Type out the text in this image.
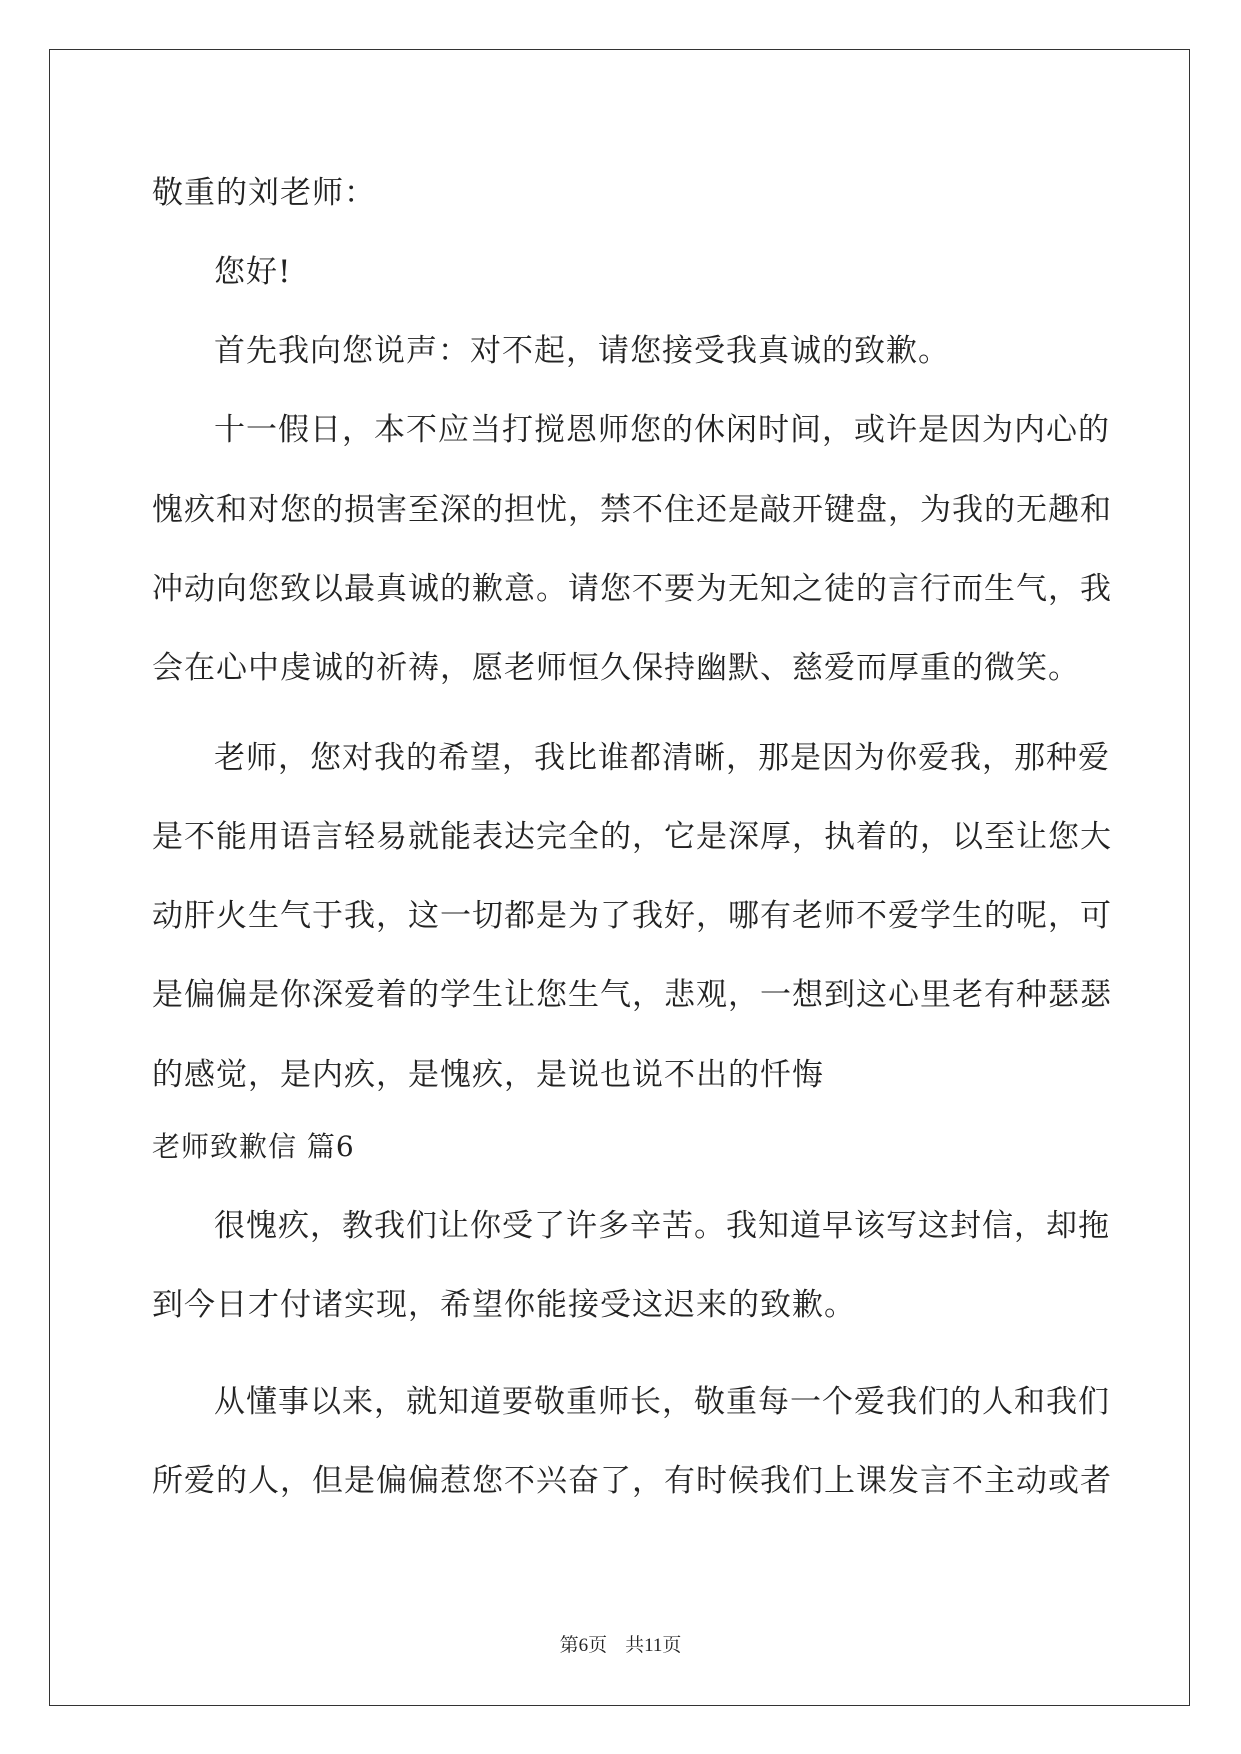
敬重的刘老师：
您好!
首先我向您说声：对不起，请您接受我真诚的致歉。
十一假日，本不应当打搅恩师您的休闲时间，或许是因为内心的
愧疚和对您的损害至深的担忧，禁不住还是敲开键盘，为我的无趣和
冲动向您致以最真诚的歉意。请您不要为无知之徒的言行而生气，我
会在心中虔诚的祈祷，愿老师恒久保持幽默、慈爱而厚重的微笑。
老师，您对我的希望，我比谁都清晰，那是因为你爱我，那种爱
是不能用语言轻易就能表达完全的，它是深厚，执着的，以至让您大
动肝火生气于我，这一切都是为了我好，哪有老师不爱学生的呢，可
是偏偏是你深爱着的学生让您生气，悲观，一想到这心里老有种瑟瑟
的感觉，是内疚，是愧疚，是说也说不出的忏悔
老师致歉信 篇6
很愧疚，教我们让你受了许多辛苦。我知道早该写这封信，却拖
到今日才付诸实现，希望你能接受这迟来的致歉。
从懂事以来，就知道要敬重师长，敬重每一个爱我们的人和我们
所爱的人，但是偏偏惹您不兴奋了，有时候我们上课发言不主动或者
第6页 共11页
